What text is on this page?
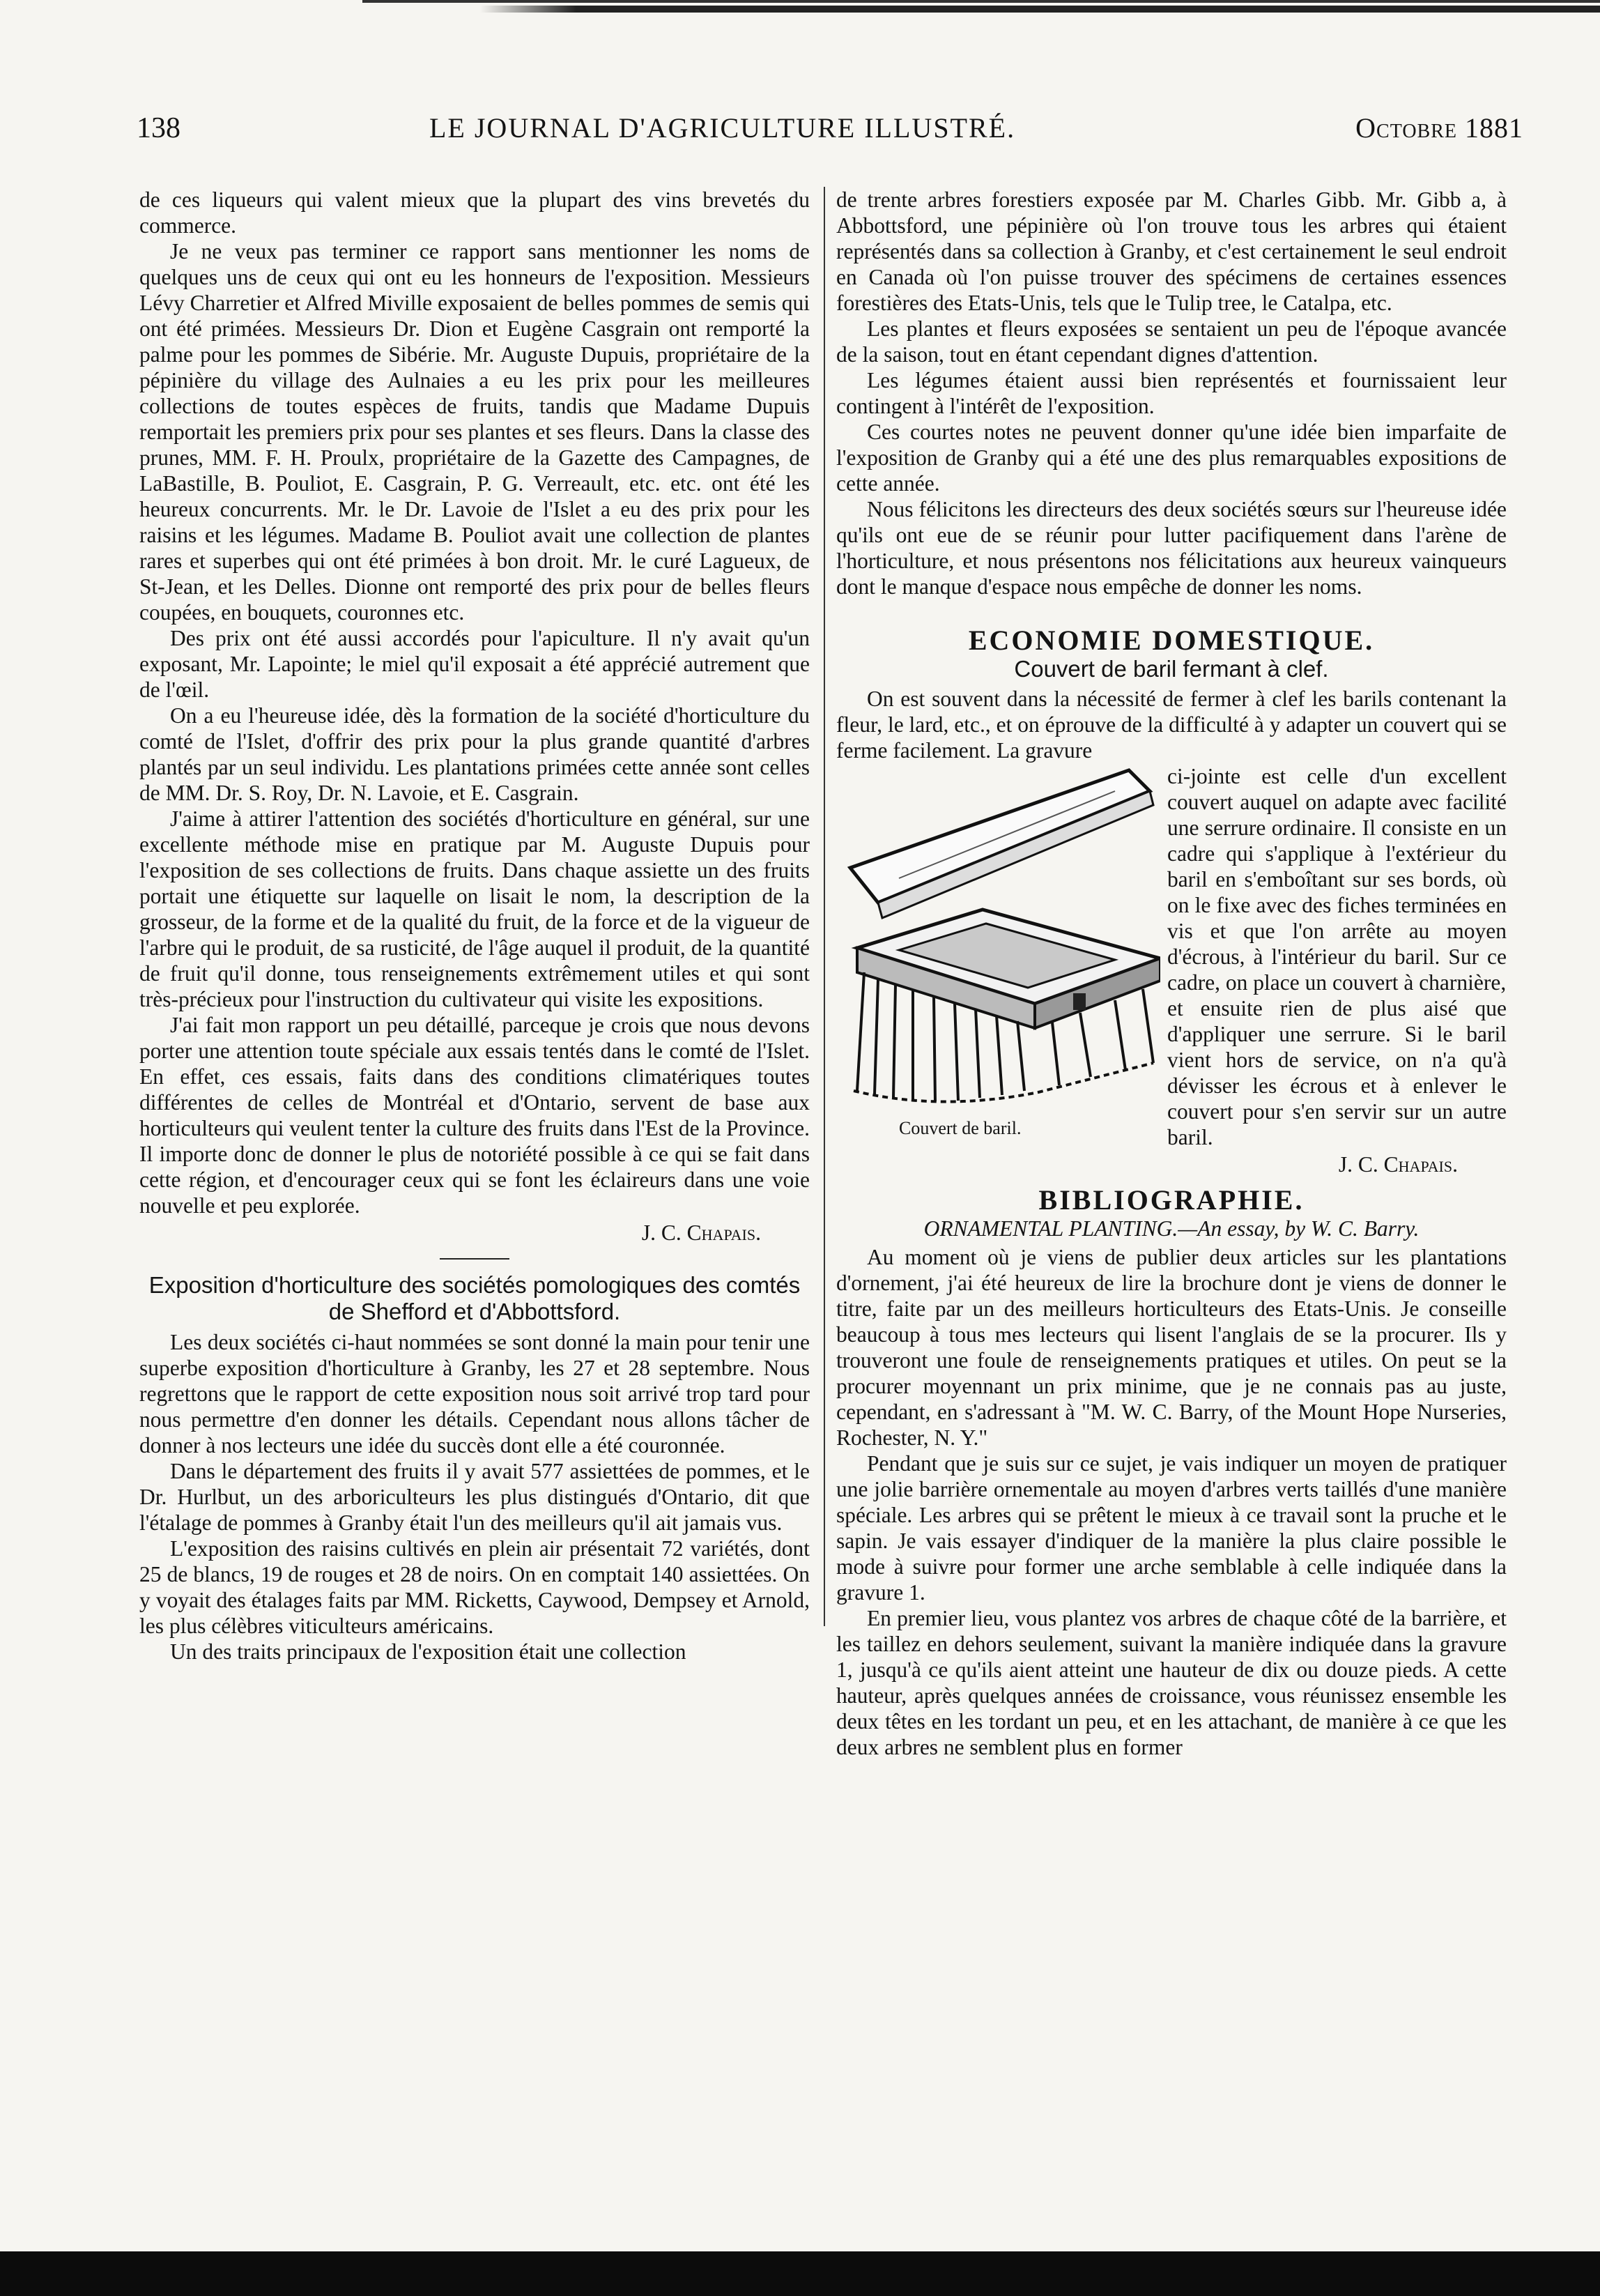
138	LE JOURNAL D'AGRICULTURE ILLUSTRÉ.	Octobre 1881

de ces liqueurs qui valent mieux que la plupart des vins brevetés du commerce.

Je ne veux pas terminer ce rapport sans mentionner les noms de quelques uns de ceux qui ont eu les honneurs de l'exposition. Messieurs Lévy Charretier et Alfred Miville exposaient de belles pommes de semis qui ont été primées. Messieurs Dr. Dion et Eugène Casgrain ont remporté la palme pour les pommes de Sibérie. Mr. Auguste Dupuis, propriétaire de la pépinière du village des Aulnaies a eu les prix pour les meilleures collections de toutes espèces de fruits, tandis que Madame Dupuis remportait les premiers prix pour ses plantes et ses fleurs. Dans la classe des prunes, MM. F. H. Proulx, propriétaire de la Gazette des Campagnes, de LaBastille, B. Pouliot, E. Casgrain, P. G. Verreault, etc. etc. ont été les heureux concurrents. Mr. le Dr. Lavoie de l'Islet a eu des prix pour les raisins et les légumes. Madame B. Pouliot avait une collection de plantes rares et superbes qui ont été primées à bon droit. Mr. le curé Lagueux, de St-Jean, et les Delles. Dionne ont remporté des prix pour de belles fleurs coupées, en bouquets, couronnes etc.

Des prix ont été aussi accordés pour l'apiculture. Il n'y avait qu'un exposant, Mr. Lapointe; le miel qu'il exposait a été apprécié autrement que de l'œil.

On a eu l'heureuse idée, dès la formation de la société d'horticulture du comté de l'Islet, d'offrir des prix pour la plus grande quantité d'arbres plantés par un seul individu. Les plantations primées cette année sont celles de MM. Dr. S. Roy, Dr. N. Lavoie, et E. Casgrain.

J'aime à attirer l'attention des sociétés d'horticulture en général, sur une excellente méthode mise en pratique par M. Auguste Dupuis pour l'exposition de ses collections de fruits. Dans chaque assiette un des fruits portait une étiquette sur laquelle on lisait le nom, la description de la grosseur, de la forme et de la qualité du fruit, de la force et de la vigueur de l'arbre qui le produit, de sa rusticité, de l'âge auquel il produit, de la quantité de fruit qu'il donne, tous renseignements extrêmement utiles et qui sont très-précieux pour l'instruction du cultivateur qui visite les expositions.

J'ai fait mon rapport un peu détaillé, parceque je crois que nous devons porter une attention toute spéciale aux essais tentés dans le comté de l'Islet. En effet, ces essais, faits dans des conditions climatériques toutes différentes de celles de Montréal et d'Ontario, servent de base aux horticulteurs qui veulent tenter la culture des fruits dans l'Est de la Province. Il importe donc de donner le plus de notoriété possible à ce qui se fait dans cette région, et d'encourager ceux qui se font les éclaireurs dans une voie nouvelle et peu explorée.

J. C. Chapais.
Exposition d'horticulture des sociétés pomologiques des comtés de Shefford et d'Abbottsford.

Les deux sociétés ci-haut nommées se sont donné la main pour tenir une superbe exposition d'horticulture à Granby, les 27 et 28 septembre. Nous regrettons que le rapport de cette exposition nous soit arrivé trop tard pour nous permettre d'en donner les détails. Cependant nous allons tâcher de donner à nos lecteurs une idée du succès dont elle a été couronnée.

Dans le département des fruits il y avait 577 assiettées de pommes, et le Dr. Hurlbut, un des arboriculteurs les plus distingués d'Ontario, dit que l'étalage de pommes à Granby était l'un des meilleurs qu'il ait jamais vus.

L'exposition des raisins cultivés en plein air présentait 72 variétés, dont 25 de blancs, 19 de rouges et 28 de noirs. On en comptait 140 assiettées. On y voyait des étalages faits par MM. Ricketts, Caywood, Dempsey et Arnold, les plus célèbres viticulteurs américains.

Un des traits principaux de l'exposition était une collection

de trente arbres forestiers exposée par M. Charles Gibb. Mr. Gibb a, à Abbottsford, une pépinière où l'on trouve tous les arbres qui étaient représentés dans sa collection à Granby, et c'est certainement le seul endroit en Canada où l'on puisse trouver des spécimens de certaines essences forestières des Etats-Unis, tels que le Tulip tree, le Catalpa, etc.

Les plantes et fleurs exposées se sentaient un peu de l'époque avancée de la saison, tout en étant cependant dignes d'attention.

Les légumes étaient aussi bien représentés et fournissaient leur contingent à l'intérêt de l'exposition.

Ces courtes notes ne peuvent donner qu'une idée bien imparfaite de l'exposition de Granby qui a été une des plus remarquables expositions de cette année.

Nous félicitons les directeurs des deux sociétés sœurs sur l'heureuse idée qu'ils ont eue de se réunir pour lutter pacifiquement dans l'arène de l'horticulture, et nous présentons nos félicitations aux heureux vainqueurs dont le manque d'espace nous empêche de donner les noms.

ECONOMIE DOMESTIQUE.
Couvert de baril fermant à clef.

On est souvent dans la nécessité de fermer à clef les barils contenant la fleur, le lard, etc., et on éprouve de la difficulté à y adapter un couvert qui se ferme facilement. La gravure

Couvert de baril.

ci-jointe est celle d'un excellent couvert auquel on adapte avec facilité une serrure ordinaire. Il consiste en un cadre qui s'applique à l'extérieur du baril en s'emboîtant sur ses bords, où on le fixe avec des fiches terminées en vis et que l'on arrête au moyen d'écrous, à l'intérieur du baril. Sur ce cadre, on place un couvert à charnière,

et ensuite rien de plus aisé que d'appliquer une serrure. Si le baril vient hors de service, on n'a qu'à dévisser les écrous et à enlever le couvert pour s'en servir sur un autre baril.

J. C. Chapais.
BIBLIOGRAPHIE.
ORNAMENTAL PLANTING.—An essay, by W. C. Barry.

Au moment où je viens de publier deux articles sur les plantations d'ornement, j'ai été heureux de lire la brochure dont je viens de donner le titre, faite par un des meilleurs horticulteurs des Etats-Unis. Je conseille beaucoup à tous mes lecteurs qui lisent l'anglais de se la procurer. Ils y trouveront une foule de renseignements pratiques et utiles. On peut se la procurer moyennant un prix minime, que je ne connais pas au juste, cependant, en s'adressant à "M. W. C. Barry, of the Mount Hope Nurseries, Rochester, N. Y."

Pendant que je suis sur ce sujet, je vais indiquer un moyen de pratiquer une jolie barrière ornementale au moyen d'arbres verts taillés d'une manière spéciale. Les arbres qui se prêtent le mieux à ce travail sont la pruche et le sapin. Je vais essayer d'indiquer de la manière la plus claire possible le mode à suivre pour former une arche semblable à celle indiquée dans la gravure 1.

En premier lieu, vous plantez vos arbres de chaque côté de la barrière, et les taillez en dehors seulement, suivant la manière indiquée dans la gravure 1, jusqu'à ce qu'ils aient atteint une hauteur de dix ou douze pieds. A cette hauteur, après quelques années de croissance, vous réunissez ensemble les deux têtes en les tordant un peu, et en les attachant, de manière à ce que les deux arbres ne semblent plus en former
